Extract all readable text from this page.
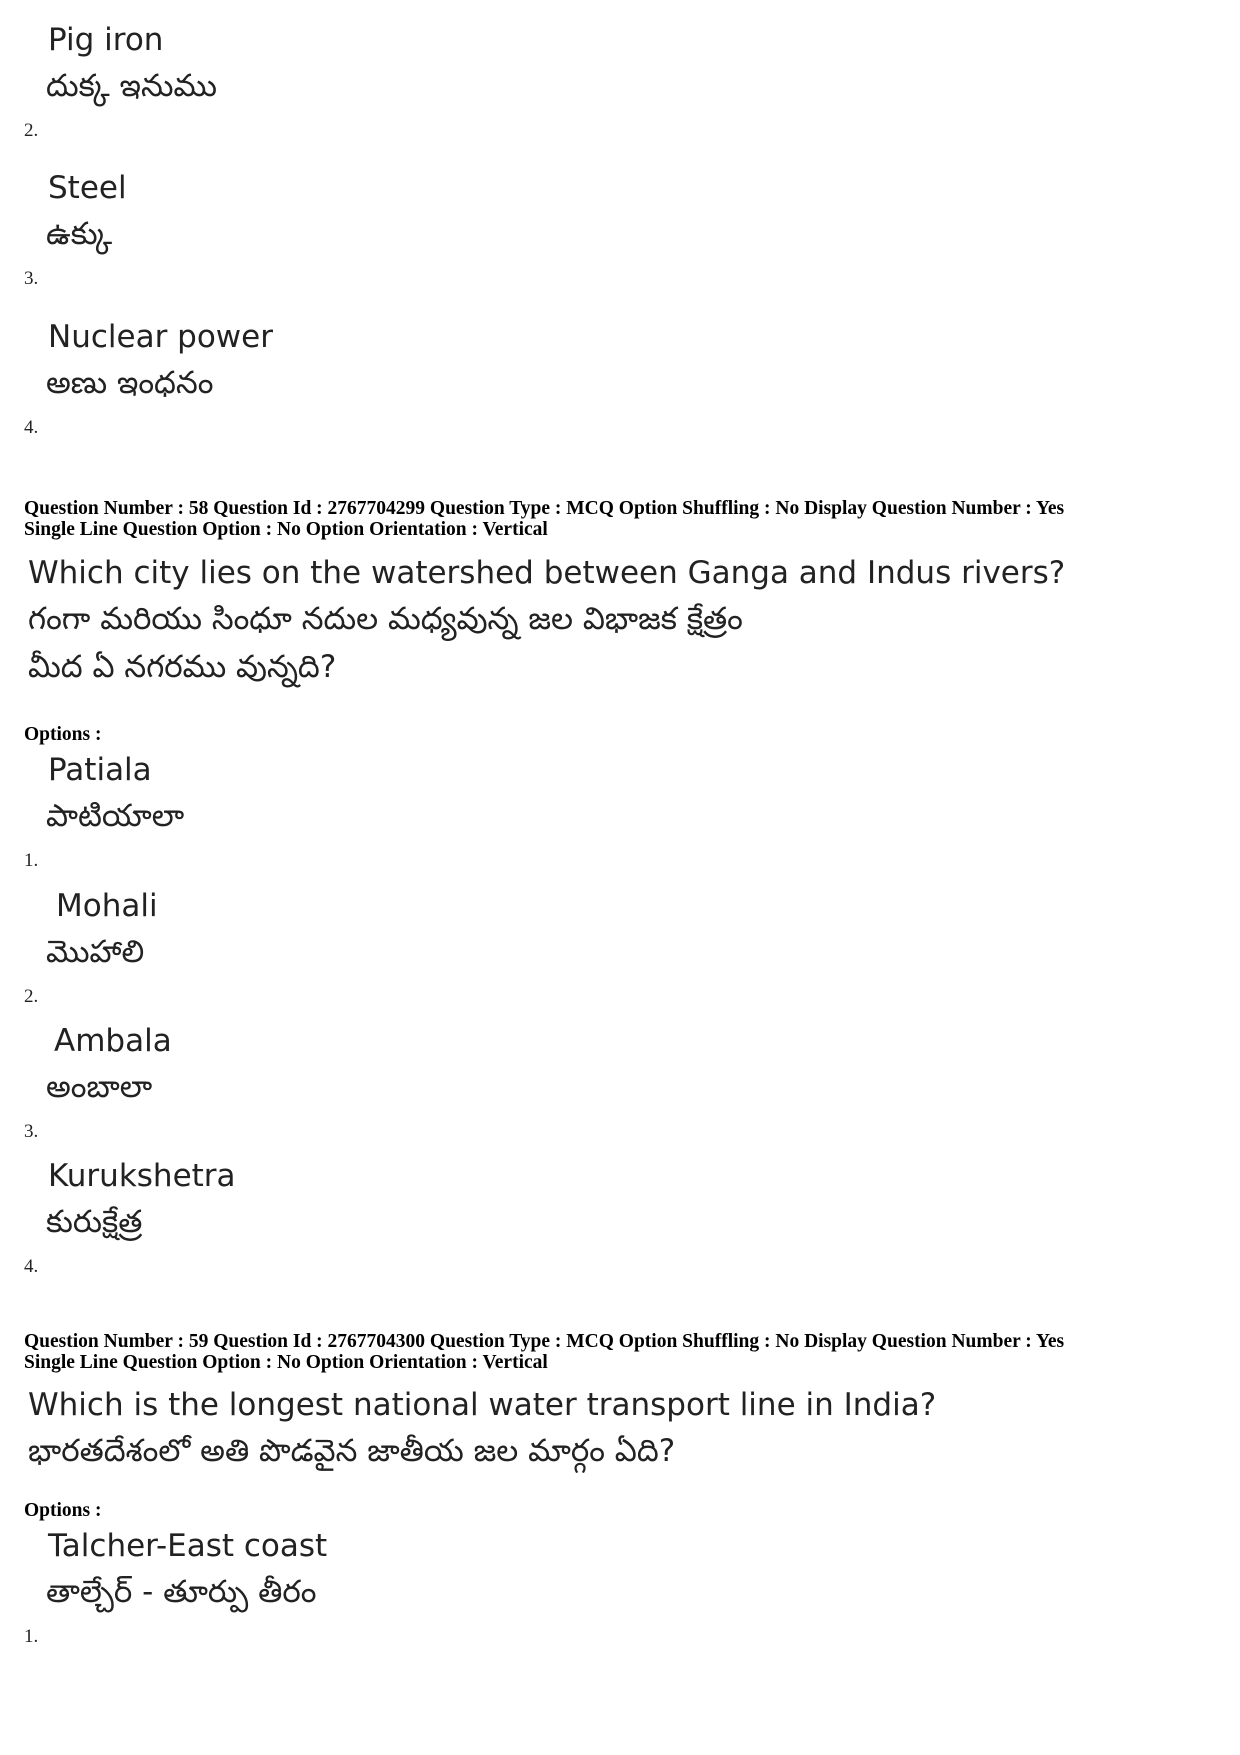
Pig iron
దుక్క ఇనుము
2.
Steel
ఉక్కు
3.
Nuclear power
అణు ఇంధనం
4.
Question Number : 58 Question Id : 2767704299 Question Type : MCQ Option Shuffling : No Display Question Number : Yes
Single Line Question Option : No Option Orientation : Vertical
Which city lies on the watershed between Ganga and Indus rivers?
గంగా మరియు సింధూ నదుల మధ్యవున్న జల విభాజక క్షేత్రం
మీద ఏ నగరము వున్నది?
Options :
Patiala
పాటియాలా
1.
Mohali
మొహాలి
2.
Ambala
అంబాలా
3.
Kurukshetra
కురుక్షేత్ర
4.
Question Number : 59 Question Id : 2767704300 Question Type : MCQ Option Shuffling : No Display Question Number : Yes
Single Line Question Option : No Option Orientation : Vertical
Which is the longest national water transport line in India?
భారతదేశంలో అతి పొడవైన జాతీయ జల మార్గం ఏది?
Options :
Talcher-East coast
తాల్చేర్ - తూర్పు తీరం
1.
